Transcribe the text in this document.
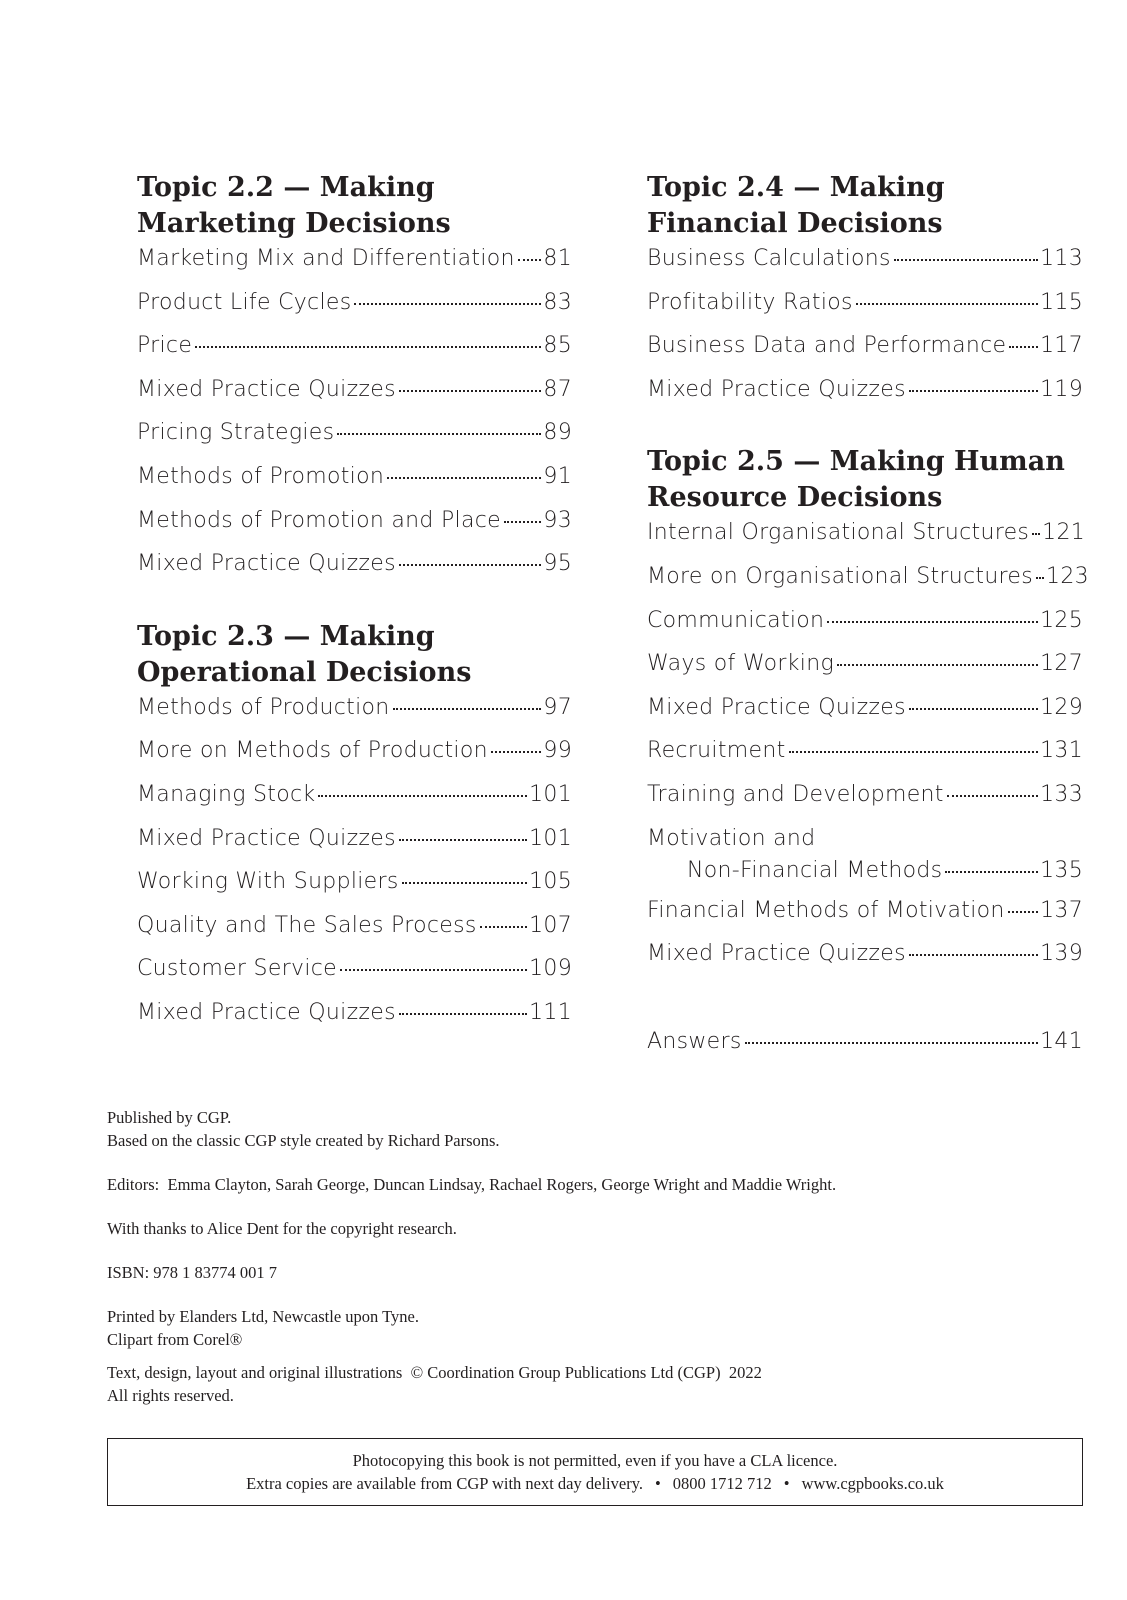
Topic 2.2 — Making
Marketing Decisions
Marketing Mix and Differentiation 81
Product Life Cycles	83
Price	85
Mixed Practice Quizzes	87
Pricing Strategies	89
Methods of Promotion	91
Methods of Promotion and Place 93
Mixed Practice Quizzes	95
Topic 2.3 — Making
Operational Decisions
Methods of Production	97
More on Methods of Production	99
Managing Stock	101
Mixed Practice Quizzes	101
Working With Suppliers	105
Quality and The Sales Process 107
Customer Service	109
Mixed Practice Quizzes	111
Topic 2.4 — Making
Financial Decisions
Business Calculations	113
Profitability Ratios	115
Business Data and Performance 117
Mixed Practice Quizzes	119
Topic 2.5 — Making Human
Resource Decisions
Internal Organisational Structures 121
More on Organisational Structures 123
Communication	125
Ways of Working	127
Mixed Practice Quizzes	129
Recruitment	131
Training and Development	133
Motivation and
Non-Financial Methods	135
Financial Methods of Motivation 137
Mixed Practice Quizzes	139
Answers	141

Published by CGP.

Based on the classic CGP style created by Richard Parsons.

Editors:  Emma Clayton, Sarah George, Duncan Lindsay, Rachael Rogers, George Wright and Maddie Wright.

With thanks to Alice Dent for the copyright research.

ISBN: 978 1 83774 001 7

Printed by Elanders Ltd, Newcastle upon Tyne.

Clipart from Corel®

Text, design, layout and original illustrations  © Coordination Group Publications Ltd (CGP)  2022

All rights reserved.

Photocopying this book is not permitted, even if you have a CLA licence.
Extra copies are available from CGP with next day delivery. • 0800 1712 712 • www.cgpbooks.co.uk
